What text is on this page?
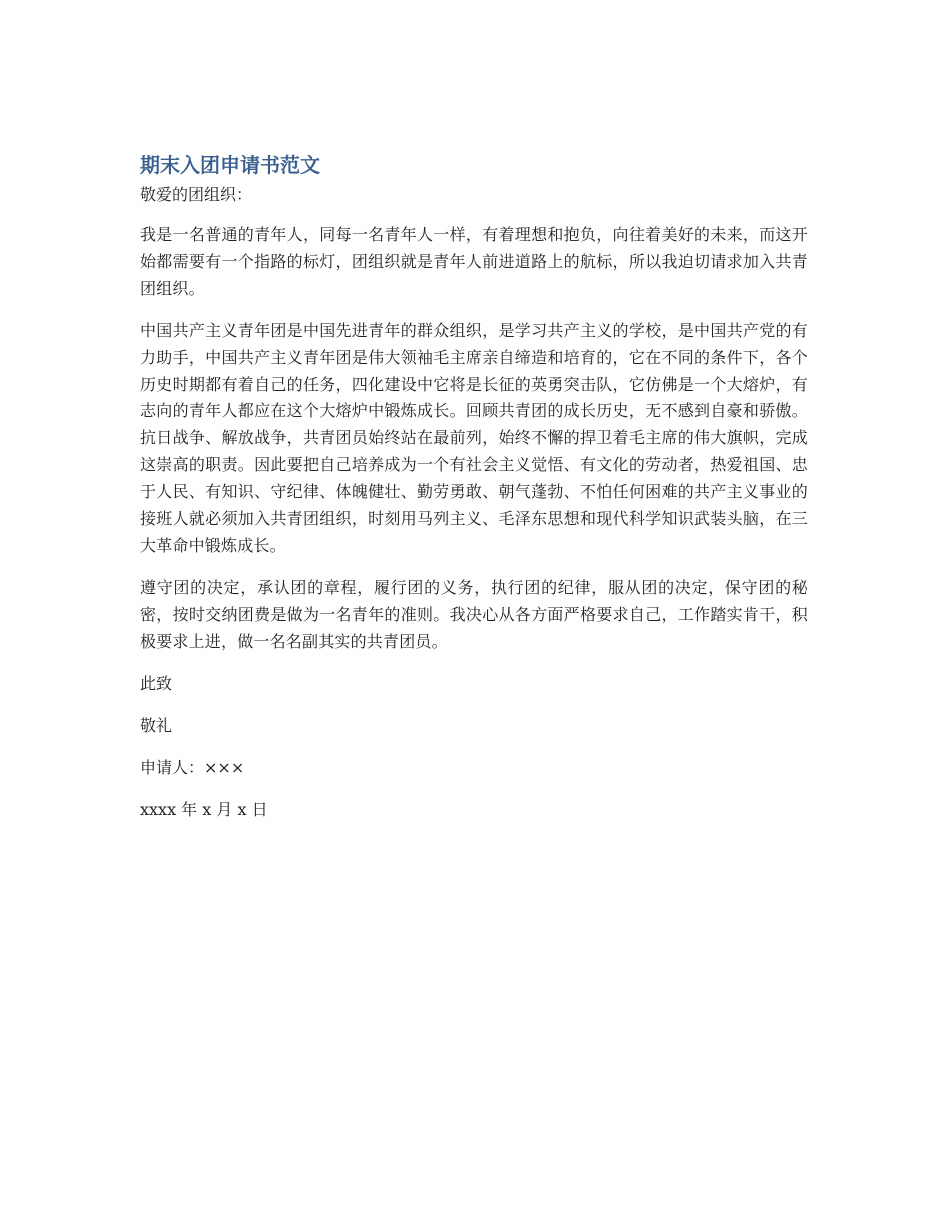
期末入团申请书范文

敬爱的团组织：

我是一名普通的青年人，同每一名青年人一样，有着理想和抱负，向往着美好的未来，而这开始都需要有一个指路的标灯，团组织就是青年人前进道路上的航标，所以我迫切请求加入共青团组织。

中国共产主义青年团是中国先进青年的群众组织，是学习共产主义的学校，是中国共产党的有力助手，中国共产主义青年团是伟大领袖毛主席亲自缔造和培育的，它在不同的条件下，各个历史时期都有着自己的任务，四化建设中它将是长征的英勇突击队，它仿佛是一个大熔炉，有志向的青年人都应在这个大熔炉中锻炼成长。回顾共青团的成长历史，无不感到自豪和骄傲。抗日战争、解放战争，共青团员始终站在最前列，始终不懈的捍卫着毛主席的伟大旗帜，完成这崇高的职责。因此要把自己培养成为一个有社会主义觉悟、有文化的劳动者，热爱祖国、忠于人民、有知识、守纪律、体魄健壮、勤劳勇敢、朝气蓬勃、不怕任何困难的共产主义事业的接班人就必须加入共青团组织，时刻用马列主义、毛泽东思想和现代科学知识武装头脑，在三大革命中锻炼成长。

遵守团的决定，承认团的章程，履行团的义务，执行团的纪律，服从团的决定，保守团的秘密，按时交纳团费是做为一名青年的准则。我决心从各方面严格要求自己，工作踏实肯干，积极要求上进，做一名名副其实的共青团员。

此致

敬礼

申请人：×××

xxxx 年 x 月 x 日
